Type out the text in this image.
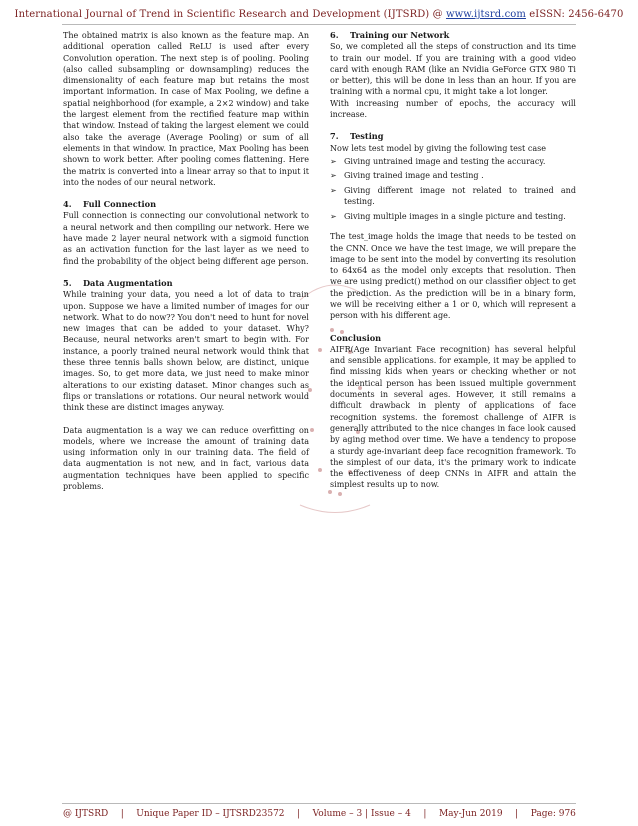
International Journal of Trend in Scientific Research and Development (IJTSRD) @ www.ijtsrd.com eISSN: 2456-6470

The obtained matrix is also known as the feature map. An additional operation called ReLU is used after every Convolution operation. The next step is of pooling. Pooling (also called subsampling or downsampling) reduces the dimensionality of each feature map but retains the most important information. In case of Max Pooling, we define a spatial neighborhood (for example, a 2×2 window) and take the largest element from the rectified feature map within that window. Instead of taking the largest element we could also take the average (Average Pooling) or sum of all elements in that window. In practice, Max Pooling has been shown to work better. After pooling comes flattening. Here the matrix is converted into a linear array so that to input it into the nodes of our neural network.

4.    Full Connection

Full connection is connecting our convolutional network to a neural network and then compiling our network. Here we have made 2 layer neural network with a sigmoid function as an activation function for the last layer as we need to find the probability of the object being different age person.

5.    Data Augmentation

While training your data, you need a lot of data to train upon. Suppose we have a limited number of images for our network. What to do now?? You don't need to hunt for novel new images that can be added to your dataset. Why? Because, neural networks aren't smart to begin with. For instance, a poorly trained neural network would think that these three tennis balls shown below, are distinct, unique images. So, to get more data, we just need to make minor alterations to our existing dataset. Minor changes such as flips or translations or rotations. Our neural network would think these are distinct images anyway.

Data augmentation is a way we can reduce overfitting on models, where we increase the amount of training data using information only in our training data. The field of data augmentation is not new, and in fact, various data augmentation techniques have been applied to specific problems.

6.    Training our Network

So, we completed all the steps of construction and its time to train our model. If you are training with a good video card with enough RAM (like an Nvidia GeForce GTX 980 Ti or better), this will be done in less than an hour. If you are training with a normal cpu, it might take a lot longer.

With increasing number of epochs, the accuracy will increase.

7.    Testing

Now lets test model by giving the following test case

➢ Giving untrained image and testing the accuracy.
➢ Giving trained image and testing .
➢ Giving different image not related to trained and testing.
➢ Giving multiple images in a single picture and testing.

The test_image holds the image that needs to be tested on the CNN. Once we have the test image, we will prepare the image to be sent into the model by converting its resolution to 64x64 as the model only excepts that resolution. Then we are using predict() method on our classifier object to get the prediction. As the prediction will be in a binary form, we will be receiving either a 1 or 0, which will represent a person with his different age.

Conclusion

AIFR(Age Invariant Face recognition) has several helpful and sensible applications. for example, it may be applied to find missing kids when years or checking whether or not the identical person has been issued multiple government documents in several ages. However, it still remains a difficult drawback in plenty of applications of face recognition systems. the foremost challenge of AIFR is generally attributed to the nice changes in face look caused by aging method over time. We have a tendency to propose a sturdy age-invariant deep face recognition framework. To the simplest of our data, it's the primary work to indicate the effectiveness of deep CNNs in AIFR and attain the simplest results up to now.

@ IJTSRD | Unique Paper ID – IJTSRD23572 | Volume – 3 | Issue – 4 | May-Jun 2019 | Page: 976
